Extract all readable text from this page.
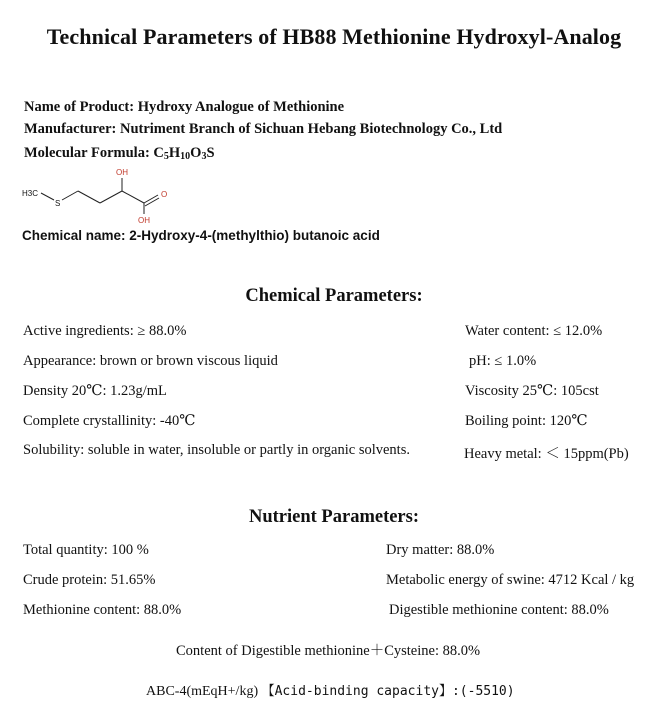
Technical Parameters of HB88 Methionine Hydroxyl-Analog
Name of Product: Hydroxy Analogue of Methionine
Manufacturer: Nutriment Branch of Sichuan Hebang Biotechnology Co., Ltd
Molecular Formula: $C_5H_{10}O_3S$
H3C
S
OH
O
OH
Chemical name: 2-Hydroxy-4-(methylthio) butanoic acid
Chemical Parameters:
Active ingredients: ≥ 88.0%
Appearance: brown or brown viscous liquid
Density 20℃: 1.23g/mL
Complete crystallinity: -40℃
Solubility: soluble in water, insoluble or partly in organic solvents.
Water content: ≤ 12.0%
pH: ≤ 1.0%
Viscosity 25℃: 105cst
Boiling point: 120℃
Heavy metal: ＜ 15ppm(Pb)
Nutrient Parameters:
Total quantity: 100 %
Crude protein: 51.65%
Methionine content: 88.0%
Dry matter: 88.0%
Metabolic energy of swine: 4712 Kcal / kg
Digestible methionine content: 88.0%
Content of Digestible methionine＋Cysteine: 88.0%
ABC-4(mEqH+/kg) 【Acid-binding capacity】:(-5510)
